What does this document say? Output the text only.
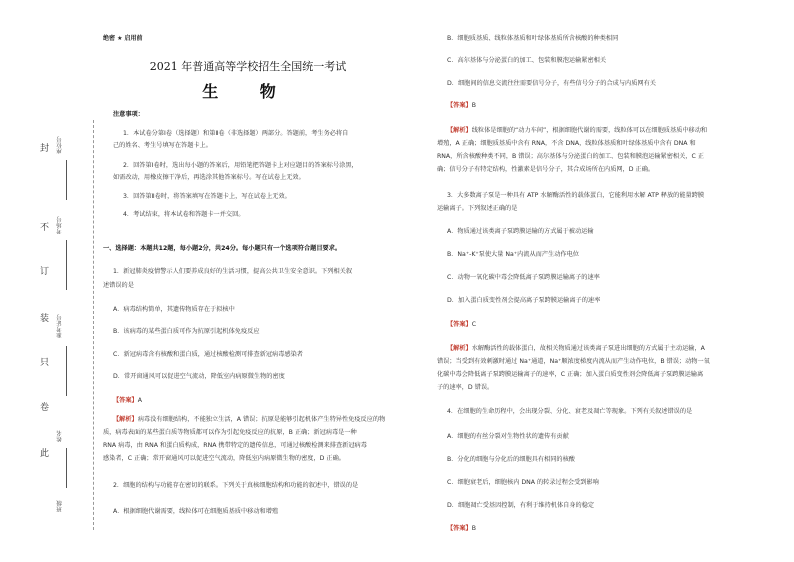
封
不
订
装
只
卷
此
座位号
考场号
准考证号
姓名
班级
绝密 ★ 启用前
2021 年普通高等学校招生全国统一考试
生 物
注意事项：
1．本试卷分第Ⅰ卷（选择题）和第Ⅱ卷（非选择题）两部分。答题前，考生务必将自
己的姓名、考生号填写在答题卡上。
2．回答第Ⅰ卷时，选出每小题的答案后，用铅笔把答题卡上对应题目的答案标号涂黑，
如需改动，用橡皮擦干净后，再选涂其他答案标号。写在试卷上无效。
3．回答第Ⅱ卷时，将答案填写在答题卡上，写在试卷上无效。
4．考试结束，将本试卷和答题卡一并交回。
一、选择题：本题共12题，每小题2分，共24分。每小题只有一个选项符合题目要求。
1．新冠肺炎疫情警示人们要养成良好的生活习惯，提高公共卫生安全意识。下列相关叙
述错误的是
A．病毒结构简单，其遗传物质存在于拟核中
B．该病毒的某些蛋白质可作为抗原引起机体免疫反应
C．新冠病毒含有核酸和蛋白质，通过核酸检测可排查新冠病毒感染者
D．常开窗通风可以促进空气流动，降低室内病原微生物的密度
【答案】A
【解析】病毒没有细胞结构，不能独立生活，A 错误；抗原是能够引起机体产生特异性免疫反应的物
质，病毒表面的某些蛋白质等物质都可以作为引起免疫反应的抗原，B 正确；新冠病毒是一种
RNA 病毒，由 RNA 和蛋白质构成，RNA 携带特定的遗传信息，可通过核酸检测来排查新冠病毒
感染者，C 正确；常开窗通风可以促进空气流动，降低室内病原微生物的密度，D 正确。
2．细胞的结构与功能存在密切的联系。下列关于真核细胞结构和功能的叙述中，错误的是
A．根据细胞代谢需要，线粒体可在细胞质基质中移动和增殖
B．细胞质基质、线粒体基质和叶绿体基质所含核酸的种类相同
C．高尔基体与分泌蛋白的加工、包装和膜泡运输紧密相关
D．细胞间的信息交流往往需要信号分子，有些信号分子的合成与内质网有关
【答案】B
【解析】线粒体是细胞的“动力车间”，根据细胞代谢的需要，线粒体可以在细胞质基质中移动和
增殖，A 正确；细胞质基质中含有 RNA，不含 DNA，线粒体基质和叶绿体基质中含有 DNA 和
RNA，所含核酸种类不同，B 错误；高尔基体与分泌蛋白的加工、包装和膜泡运输紧密相关，C 正
确；信号分子有特定结构，性激素是信号分子，其合成场所在内质网，D 正确。
3．大多数离子泵是一种具有 ATP 水解酶活性的载体蛋白，它能利用水解 ATP 释放的能量跨膜
运输离子。下列叙述正确的是
A．物质通过该类离子泵跨膜运输的方式属于被动运输
B．Na⁺-K⁺泵使大量 Na⁺内流从而产生动作电位
C．动物一氧化碳中毒会降低离子泵跨膜运输离子的速率
D．加入蛋白质变性剂会提高离子泵跨膜运输离子的速率
【答案】C
【解析】水解酶活性的载体蛋白，故相关物质通过该类离子泵进出细胞的方式属于主动运输，A
错误；当受到有效刺激时通过 Na⁺通道，Na⁺顺浓度梯度内流从而产生动作电位，B 错误；动物一氧
化碳中毒会降低离子泵跨膜运输离子的速率，C 正确；加入蛋白质变性剂会降低离子泵跨膜运输离
子的速率，D 错误。
4．在细胞的生命历程中，会出现分裂、分化、衰老及凋亡等现象。下列有关叙述错误的是
A．细胞的有丝分裂对生物性状的遗传有贡献
B．分化的细胞与分化后的细胞具有相同的核酸
C．细胞衰老后，细胞核内 DNA 的转录过程会受到影响
D．细胞凋亡受基因控制，有利于维持机体自身的稳定
【答案】B
